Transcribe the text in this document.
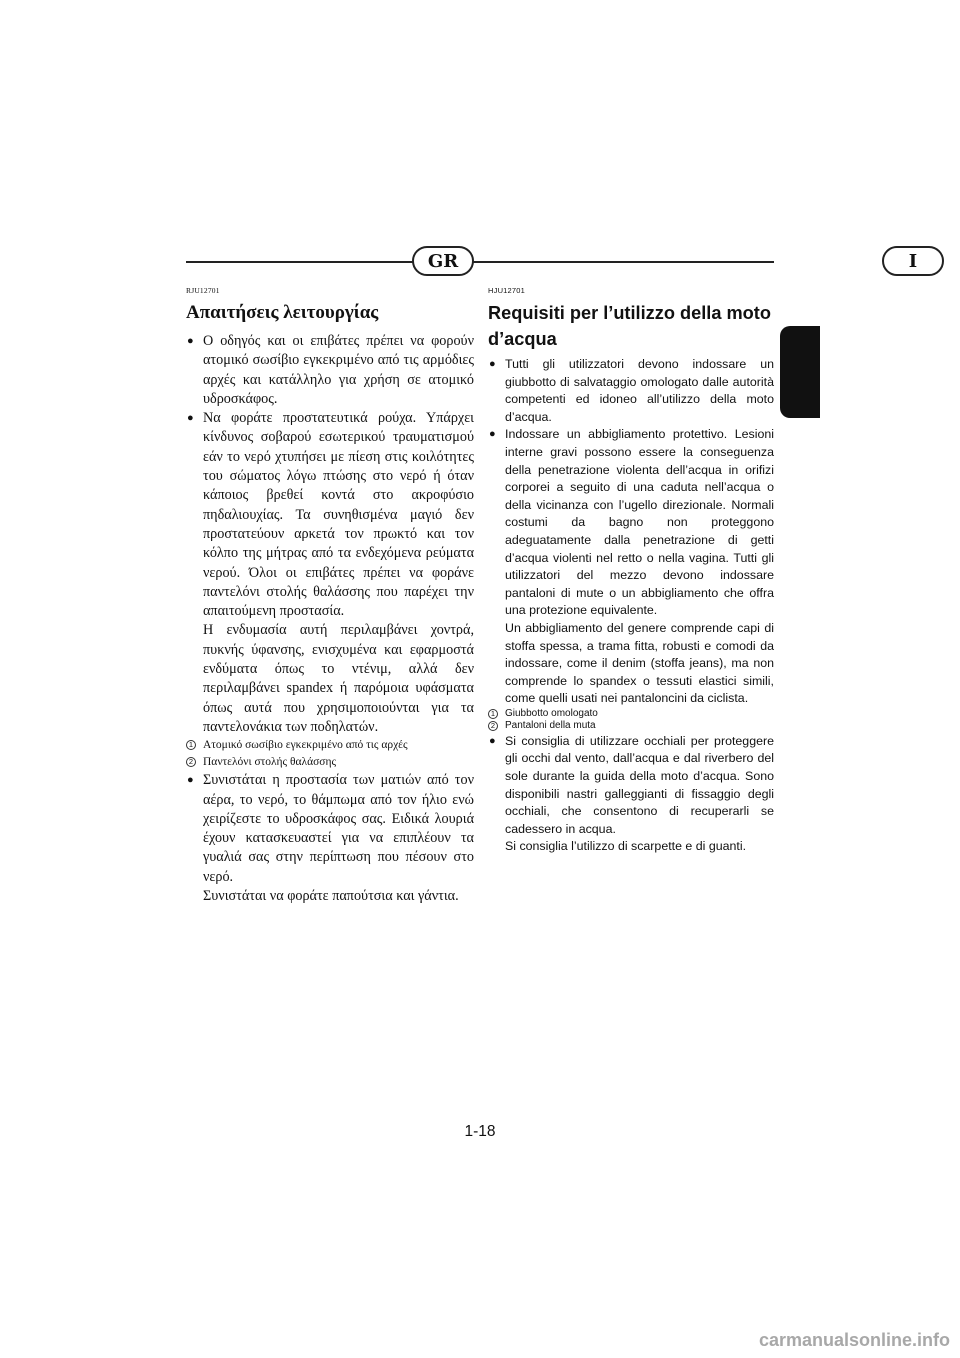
GR	I
RJU12701
Απαιτήσεις λειτουργίας

● Ο οδηγός και οι επιβάτες πρέπει να φορούν ατομικό σωσίβιο εγκεκριμένο από τις αρμόδιες αρχές και κατάλληλο για χρήση σε ατομικό υδροσκάφος.

● Να φοράτε προστατευτικά ρούχα. Υπάρχει κίνδυνος σοβαρού εσωτερικού τραυματισμού εάν το νερό χτυπήσει με πίεση στις κοιλότητες του σώματος λόγω πτώσης στο νερό ή όταν κάποιος βρεθεί κοντά στο ακροφύσιο πηδαλιουχίας. Τα συνηθισμένα μαγιό δεν προστατεύουν αρκετά τον πρωκτό και τον κόλπο της μήτρας από τα ενδεχόμενα ρεύματα νερού. Όλοι οι επιβάτες πρέπει να φοράνε παντελόνι στολής θαλάσσης που παρέχει την απαιτούμενη προστασία.

Η ενδυμασία αυτή περιλαμβάνει χοντρά, πυκνής ύφανσης, ενισχυμένα και εφαρμοστά ενδύματα όπως το ντένιμ, αλλά δεν περιλαμβάνει spandex ή παρόμοια υφάσματα όπως αυτά που χρησιμοποιούνται για τα παντελονάκια των ποδηλατών.

1 Ατομικό σωσίβιο εγκεκριμένο από τις αρχές

2 Παντελόνι στολής θαλάσσης

● Συνιστάται η προστασία των ματιών από τον αέρα, το νερό, το θάμπωμα από τον ήλιο ενώ χειρίζεστε το υδροσκάφος σας. Ειδικά λουριά έχουν κατασκευαστεί για να επιπλέουν τα γυαλιά σας στην περίπτωση που πέσουν στο νερό.

Συνιστάται να φοράτε παπούτσια και γάντια.

HJU12701
Requisiti per l’utilizzo della moto d’acqua

● Tutti gli utilizzatori devono indossare un giubbotto di salvataggio omologato dalle autorità competenti ed idoneo all’utilizzo della moto d’acqua.

● Indossare un abbigliamento protettivo. Lesioni interne gravi possono essere la conseguenza della penetrazione violenta dell’acqua in orifizi corporei a seguito di una caduta nell’acqua o della vicinanza con l’ugello direzionale. Normali costumi da bagno non proteggono adeguatamente dalla penetrazione di getti d’acqua violenti nel retto o nella vagina. Tutti gli utilizzatori del mezzo devono indossare pantaloni di mute o un abbigliamento che offra una protezione equivalente.

Un abbigliamento del genere comprende capi di stoffa spessa, a trama fitta, robusti e comodi da indossare, come il denim (stoffa jeans), ma non comprende lo spandex o tessuti elastici simili, come quelli usati nei pantaloncini da ciclista.

1 Giubbotto omologato

2 Pantaloni della muta

● Si consiglia di utilizzare occhiali per proteggere gli occhi dal vento, dall’acqua e dal riverbero del sole durante la guida della moto d’acqua. Sono disponibili nastri galleggianti di fissaggio degli occhiali, che consentono di recuperarli se cadessero in acqua.

Si consiglia l’utilizzo di scarpette e di guanti.

1-18
carmanualsonline.info
